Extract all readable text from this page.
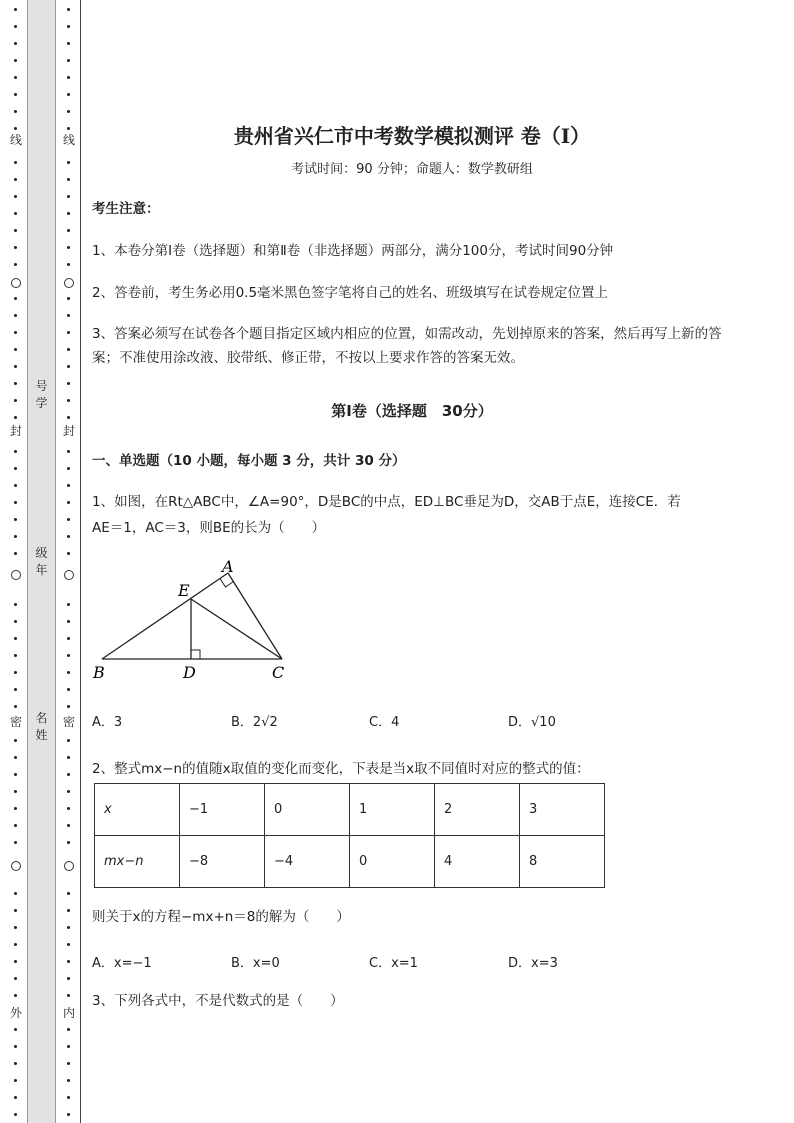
线
封
密
外
号学
级年
名姓
线
封
密
内
贵州省兴仁市中考数学模拟测评 卷（Ⅰ）
考试时间：90 分钟；命题人：数学教研组
考生注意：
1、本卷分第Ⅰ卷（选择题）和第Ⅱ卷（非选择题）两部分，满分100分，考试时间90分钟
2、答卷前，考生务必用0.5毫米黑色签字笔将自己的姓名、班级填写在试卷规定位置上
3、答案必须写在试卷各个题目指定区域内相应的位置，如需改动，先划掉原来的答案，然后再写上新的答案；不准使用涂改液、胶带纸、修正带，不按以上要求作答的答案无效。
第Ⅰ卷（选择题　30分）
一、单选题（10 小题，每小题 3 分，共计 30 分）
1、如图，在Rt△ABC中，∠A=90°，D是BC的中点，ED⊥BC垂足为D，交AB于点E，连接CE．若
AE＝1，AC＝3，则BE的长为（　　）
A
B	C
D
E
A．3	B．2√2	C．4	D．√10
2、整式mx−n的值随x取值的变化而变化，下表是当x取不同值时对应的整式的值：
x	−1	0	1	2	3
mx−n	−8	−4	0	4	8
则关于x的方程−mx+n＝8的解为（　　）
A．x=−1	B．x=0	C．x=1	D．x=3
3、下列各式中，不是代数式的是（　　）
